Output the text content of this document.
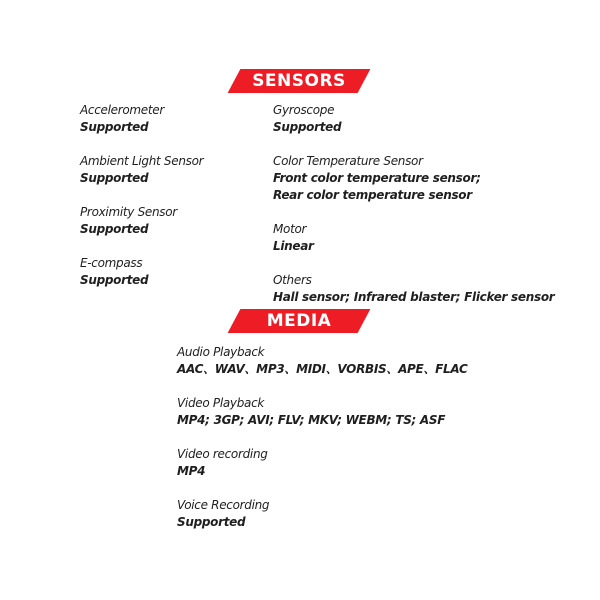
SENSORS
Accelerometer
Supported
Ambient Light Sensor
Supported
Proximity Sensor
Supported
E-compass
Supported
Gyroscope
Supported
Color Temperature Sensor
Front color temperature sensor;
Rear color temperature sensor
Motor
Linear
Others
Hall sensor; Infrared blaster; Flicker sensor
MEDIA
Audio Playback
AAC、WAV、MP3、MIDI、VORBIS、APE、FLAC
Video Playback
MP4; 3GP; AVI; FLV; MKV; WEBM; TS; ASF
Video recording
MP4
Voice Recording
Supported
